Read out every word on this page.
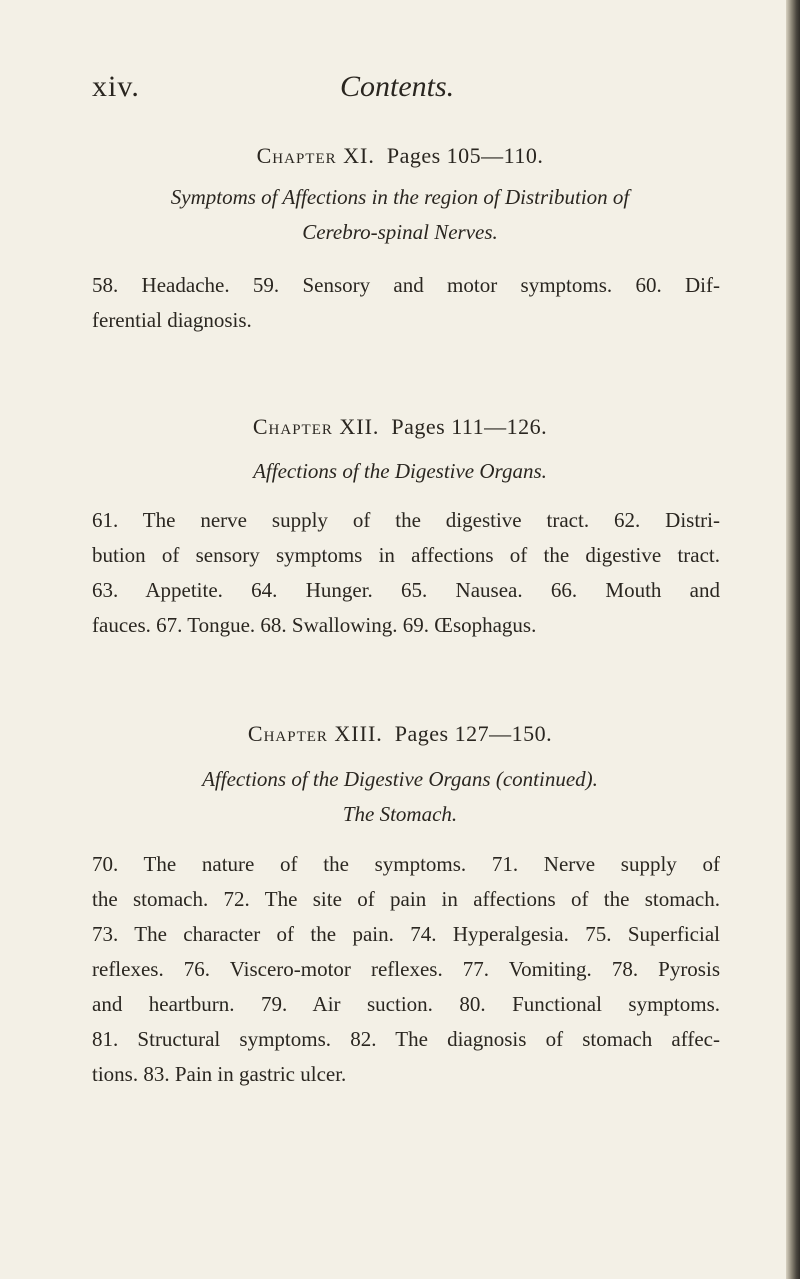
xiv.	Contents.
Chapter XI. Pages 105—110.
Symptoms of Affections in the region of Distribution of
Cerebro-spinal Nerves.
58. Headache. 59. Sensory and motor symptoms. 60. Dif-
ferential diagnosis.
Chapter XII. Pages 111—126.
Affections of the Digestive Organs.
61. The nerve supply of the digestive tract. 62. Distri-
bution of sensory symptoms in affections of the digestive tract.
63. Appetite. 64. Hunger. 65. Nausea. 66. Mouth and
fauces. 67. Tongue. 68. Swallowing. 69. Œsophagus.
Chapter XIII. Pages 127—150.
Affections of the Digestive Organs (continued).
The Stomach.
70. The nature of the symptoms. 71. Nerve supply of
the stomach. 72. The site of pain in affections of the stomach.
73. The character of the pain. 74. Hyperalgesia. 75. Superficial
reflexes. 76. Viscero-motor reflexes. 77. Vomiting. 78. Pyrosis
and heartburn. 79. Air suction. 80. Functional symptoms.
81. Structural symptoms. 82. The diagnosis of stomach affec-
tions. 83. Pain in gastric ulcer.
